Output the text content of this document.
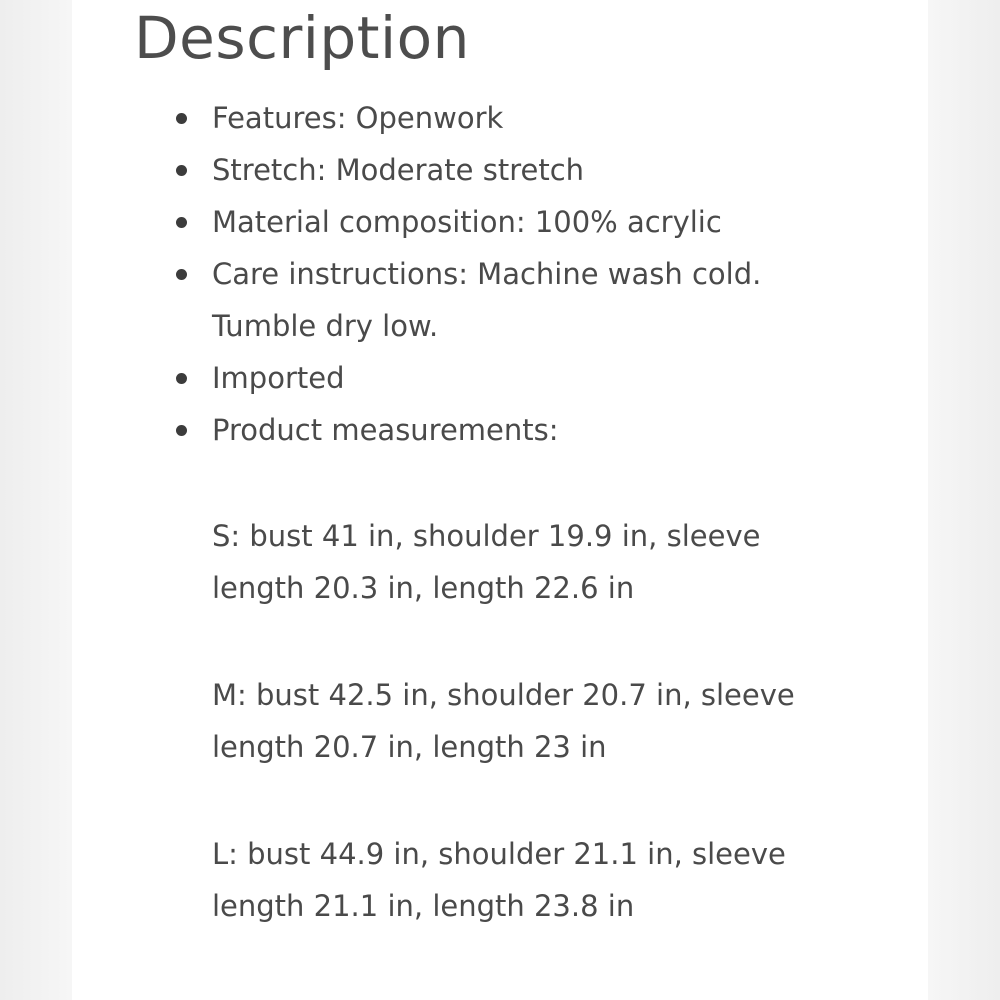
Description
Features: Openwork
Stretch: Moderate stretch
Material composition: 100% acrylic
Care instructions: Machine wash cold.
Tumble dry low.
Imported
Product measurements:

S: bust 41 in, shoulder 19.9 in, sleeve
length 20.3 in, length 22.6 in

M: bust 42.5 in, shoulder 20.7 in, sleeve
length 20.7 in, length 23 in

L: bust 44.9 in, shoulder 21.1 in, sleeve
length 21.1 in, length 23.8 in
